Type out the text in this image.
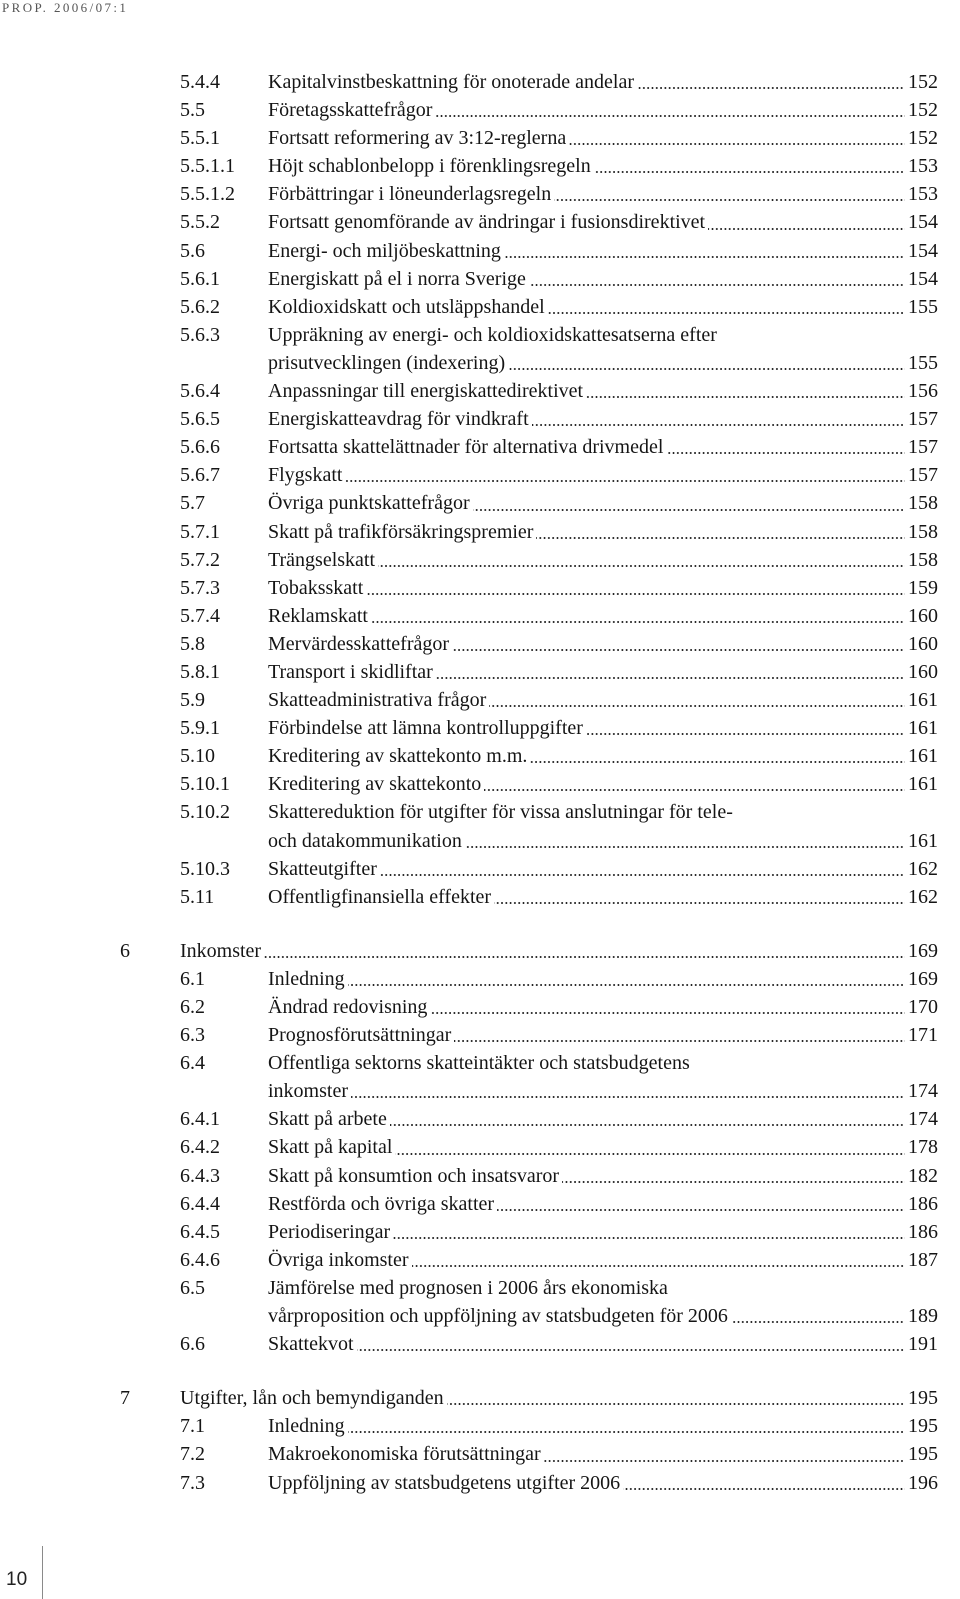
PROP. 2006/07:1
5.4.4 Kapitalvinstbeskattning för onoterade andelar	152
5.5	Företagsskattefrågor	152
5.5.1 Fortsatt reformering av 3:12-reglerna	152
5.5.1.1 Höjt schablonbelopp i förenklingsregeln	153
5.5.1.2 Förbättringar i löneunderlagsregeln	153
5.5.2 Fortsatt genomförande av ändringar i fusionsdirektivet	154
5.6	Energi- och miljöbeskattning	154
5.6.1 Energiskatt på el i norra Sverige	154
5.6.2 Koldioxidskatt och utsläppshandel	155
5.6.3 Uppräkning av energi- och koldioxidskattesatserna efter
prisutvecklingen (indexering)	155
5.6.4 Anpassningar till energiskattedirektivet	156
5.6.5 Energiskatteavdrag för vindkraft	157
5.6.6 Fortsatta skattelättnader för alternativa drivmedel	157
5.6.7 Flygskatt	157
5.7	Övriga punktskattefrågor	158
5.7.1 Skatt på trafikförsäkringspremier	158
5.7.2 Trängselskatt	158
5.7.3 Tobaksskatt	159
5.7.4 Reklamskatt	160
5.8	Mervärdesskattefrågor	160
5.8.1 Transport i skidliftar	160
5.9	Skatteadministrativa frågor	161
5.9.1 Förbindelse att lämna kontrolluppgifter	161
5.10	Kreditering av skattekonto m.m.	161
5.10.1 Kreditering av skattekonto	161
5.10.2 Skattereduktion för utgifter för vissa anslutningar för tele-
och datakommunikation	161
5.10.3 Skatteutgifter	162
5.11	Offentligfinansiella effekter	162
6	Inkomster	169
6.1	Inledning	169
6.2	Ändrad redovisning	170
6.3	Prognosförutsättningar	171
6.4	Offentliga sektorns skatteintäkter och statsbudgetens
inkomster	174
6.4.1 Skatt på arbete	174
6.4.2 Skatt på kapital	178
6.4.3 Skatt på konsumtion och insatsvaror	182
6.4.4 Restförda och övriga skatter	186
6.4.5 Periodiseringar	186
6.4.6 Övriga inkomster	187
6.5	Jämförelse med prognosen i 2006 års ekonomiska
vårproposition och uppföljning av statsbudgeten för 2006	189
6.6	Skattekvot	191
7	Utgifter, lån och bemyndiganden	195
7.1	Inledning	195
7.2	Makroekonomiska förutsättningar	195
7.3	Uppföljning av statsbudgetens utgifter 2006	196
10
